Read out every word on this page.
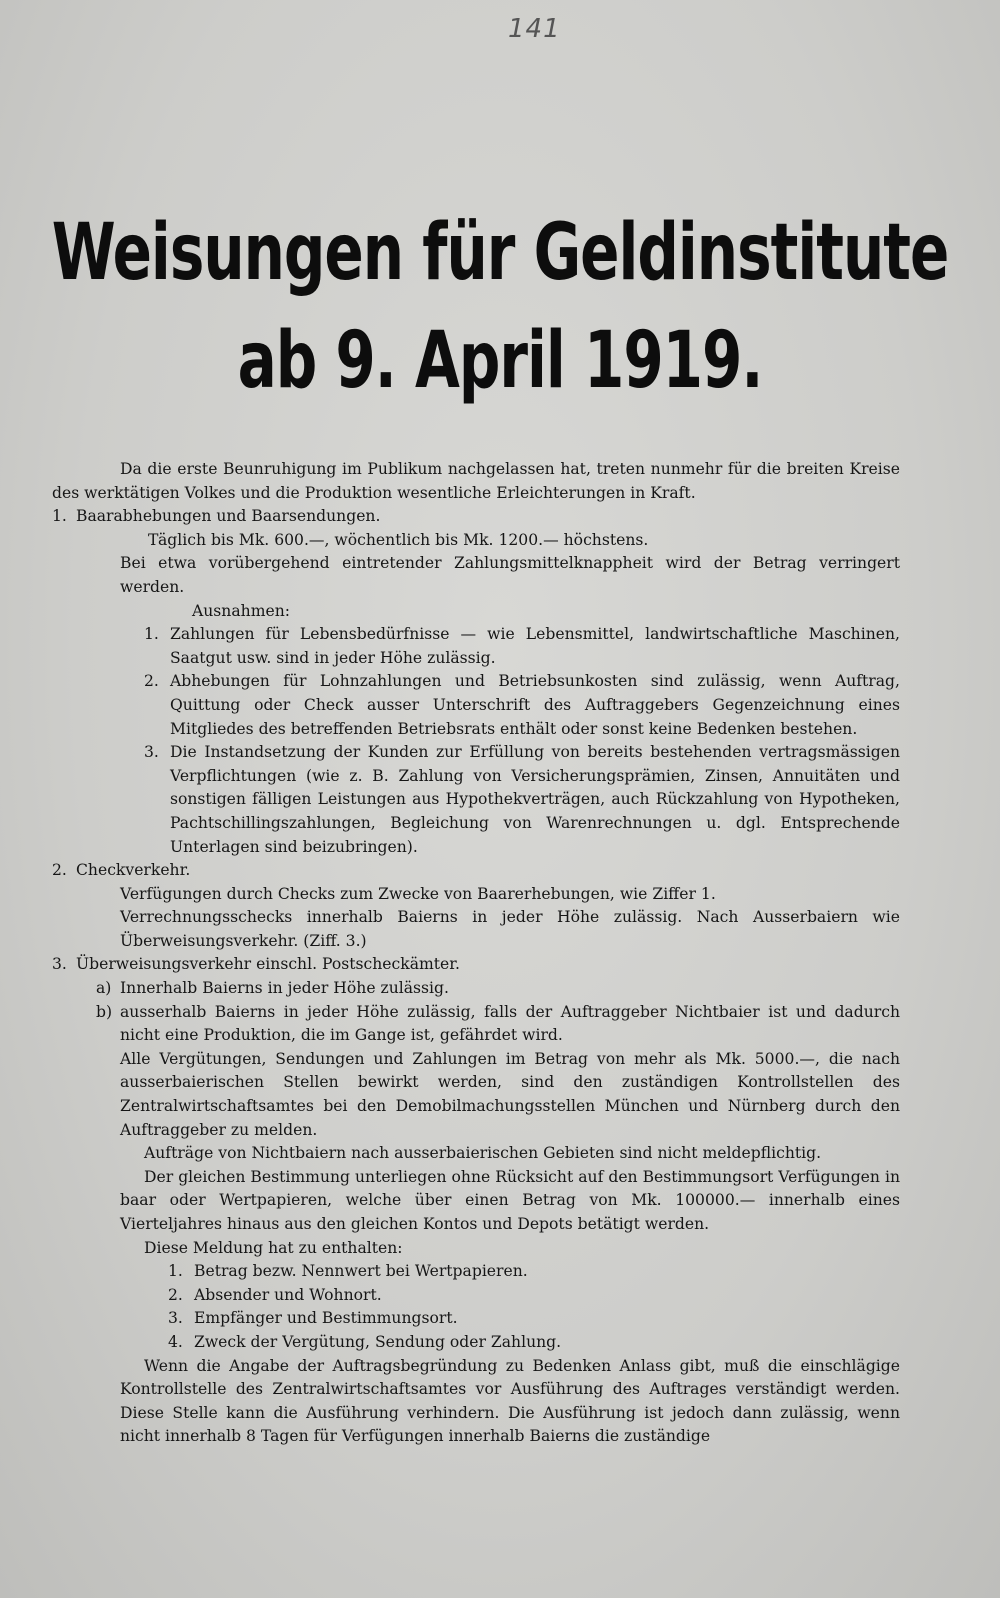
141
Weisungen für Geldinstitute
ab 9. April 1919.

Da die erste Beunruhigung im Publikum nachgelassen hat, treten nunmehr für die breiten Kreise des werktätigen Volkes und die Produktion wesentliche Erleichterungen in Kraft.

1. Baarabhebungen und Baarsendungen.

Täglich bis Mk. 600.—, wöchentlich bis Mk. 1200.— höchstens.

Bei etwa vorübergehend eintretender Zahlungsmittelknappheit wird der Betrag verringert werden.

Ausnahmen:

1. Zahlungen für Lebensbedürfnisse — wie Lebensmittel, landwirtschaftliche Maschinen, Saatgut usw. sind in jeder Höhe zulässig.
2. Abhebungen für Lohnzahlungen und Betriebsunkosten sind zulässig, wenn Auftrag, Quittung oder Check ausser Unterschrift des Auftraggebers Gegenzeichnung eines Mitgliedes des betreffenden Betriebsrats enthält oder sonst keine Bedenken bestehen.
3. Die Instandsetzung der Kunden zur Erfüllung von bereits bestehenden vertragsmässigen Verpflichtungen (wie z. B. Zahlung von Versicherungsprämien, Zinsen, Annuitäten und sonstigen fälligen Leistungen aus Hypothekverträgen, auch Rückzahlung von Hypotheken, Pachtschillingszahlungen, Begleichung von Warenrechnungen u. dgl. Entsprechende Unterlagen sind beizubringen).
2. Checkverkehr.

Verfügungen durch Checks zum Zwecke von Baarerhebungen, wie Ziffer 1.

Verrechnungsschecks innerhalb Baierns in jeder Höhe zulässig. Nach Ausserbaiern wie Überweisungsverkehr. (Ziff. 3.)

3. Überweisungsverkehr einschl. Postscheckämter.
a) Innerhalb Baierns in jeder Höhe zulässig.
b) ausserhalb Baierns in jeder Höhe zulässig, falls der Auftraggeber Nichtbaier ist und dadurch nicht eine Produktion, die im Gange ist, gefährdet wird.

Alle Vergütungen, Sendungen und Zahlungen im Betrag von mehr als Mk. 5000.—, die nach ausserbaierischen Stellen bewirkt werden, sind den zuständigen Kontrollstellen des Zentralwirtschaftsamtes bei den Demobilmachungsstellen München und Nürnberg durch den Auftraggeber zu melden.

Aufträge von Nichtbaiern nach ausserbaierischen Gebieten sind nicht meldepflichtig.

Der gleichen Bestimmung unterliegen ohne Rücksicht auf den Bestimmungsort Verfügungen in baar oder Wertpapieren, welche über einen Betrag von Mk. 100000.— innerhalb eines Vierteljahres hinaus aus den gleichen Kontos und Depots betätigt werden.

Diese Meldung hat zu enthalten:

1. Betrag bezw. Nennwert bei Wertpapieren.
2. Absender und Wohnort.
3. Empfänger und Bestimmungsort.
4. Zweck der Vergütung, Sendung oder Zahlung.

Wenn die Angabe der Auftragsbegründung zu Bedenken Anlass gibt, muß die einschlägige Kontrollstelle des Zentralwirtschaftsamtes vor Ausführung des Auftrages verständigt werden. Diese Stelle kann die Ausführung verhindern. Die Ausführung ist jedoch dann zulässig, wenn nicht innerhalb 8 Tagen für Verfügungen innerhalb Baierns die zuständige
